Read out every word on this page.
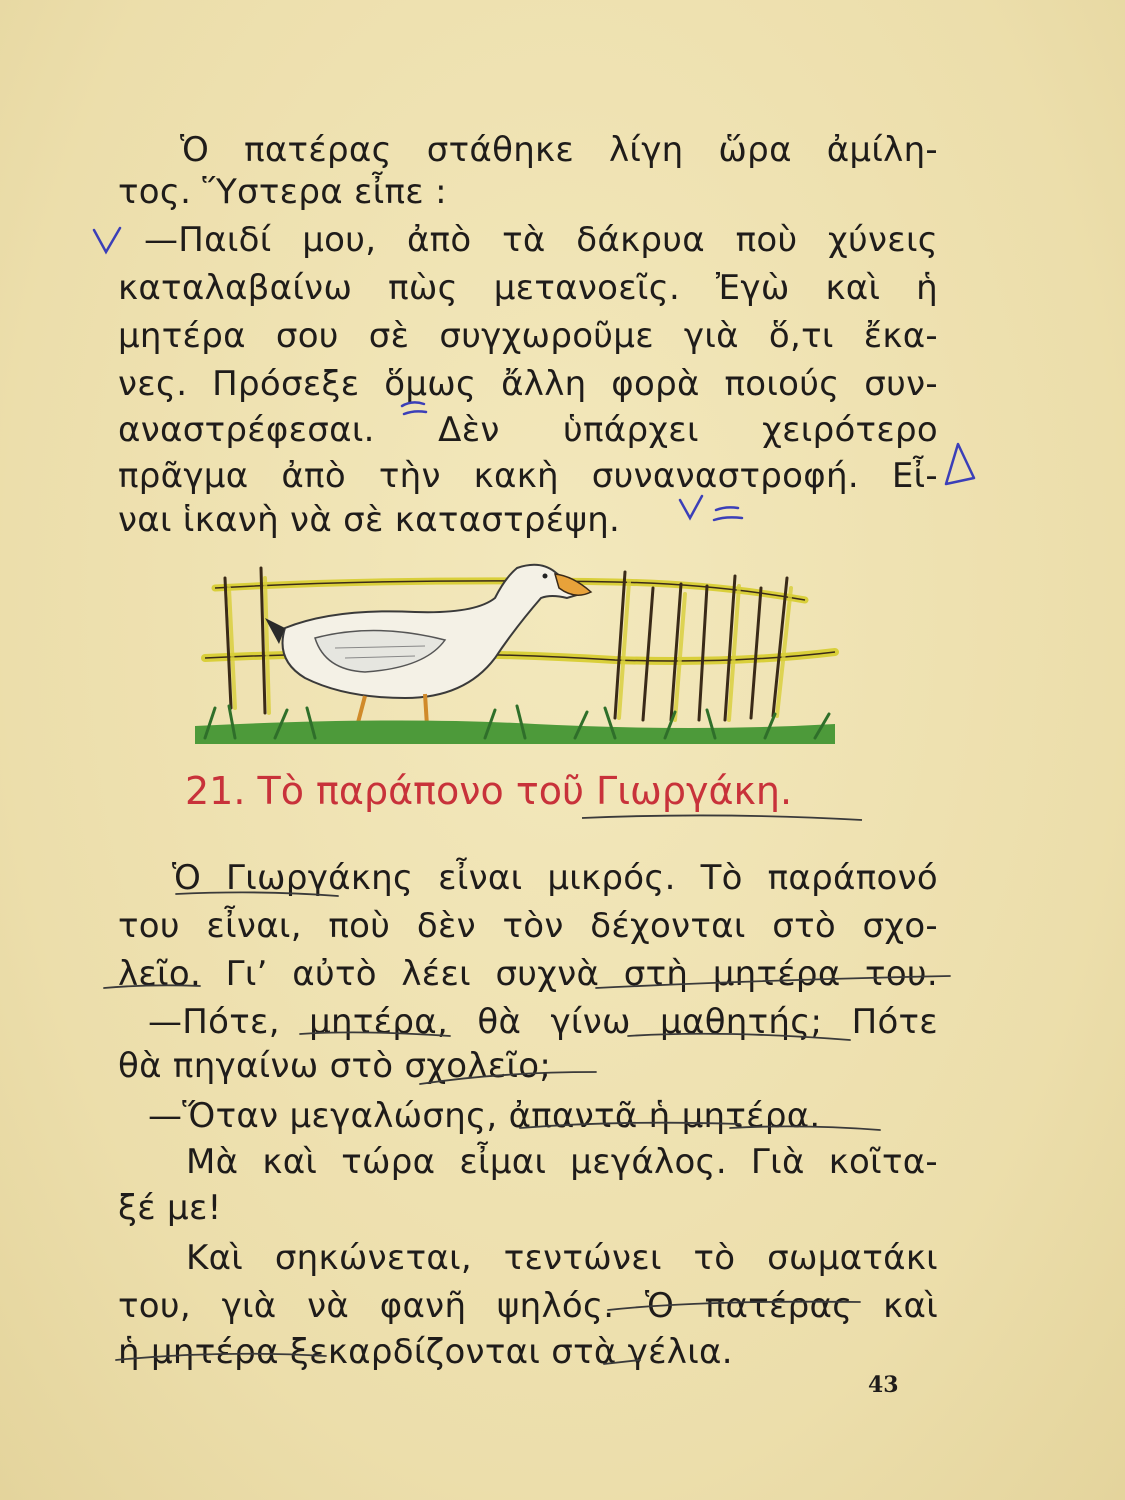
Ὁ πατέρας στάθηκε λίγη ὥρα ἀμίλη-
τος. Ὕστερα εἶπε :
—Παιδί μου, ἀπὸ τὰ δάκρυα ποὺ χύνεις
καταλαβαίνω πὼς μετανοεῖς. Ἐγὼ καὶ ἡ
μητέρα σου σὲ συγχωροῦμε γιὰ ὅ,τι ἔκα-
νες. Πρόσεξε ὅμως ἄλλη φορὰ ποιούς συν-
αναστρέφεσαι. Δὲν ὑπάρχει χειρότερο
πρᾶγμα ἀπὸ τὴν κακὴ συναναστροφή. Εἶ-
ναι ἱκανὴ νὰ σὲ καταστρέψη.
21. Τὸ παράπονο τοῦ Γιωργάκη.
Ὁ Γιωργάκης εἶναι μικρός. Τὸ παράπονό
του εἶναι, ποὺ δὲν τὸν δέχονται στὸ σχο-
λεῖο. Γι’ αὐτὸ λέει συχνὰ στὴ μητέρα του.
—Πότε, μητέρα, θὰ γίνω μαθητής; Πότε
θὰ πηγαίνω στὸ σχολεῖο;
—Ὅταν μεγαλώσης, ἀπαντᾶ ἡ μητέρα.
Μὰ καὶ τώρα εἶμαι μεγάλος. Γιὰ κοῖτα-
ξέ με!
Καὶ σηκώνεται, τεντώνει τὸ σωματάκι
του, γιὰ νὰ φανῆ ψηλός. Ὁ πατέρας καὶ
ἡ μητέρα ξεκαρδίζονται στὰ γέλια.
43
